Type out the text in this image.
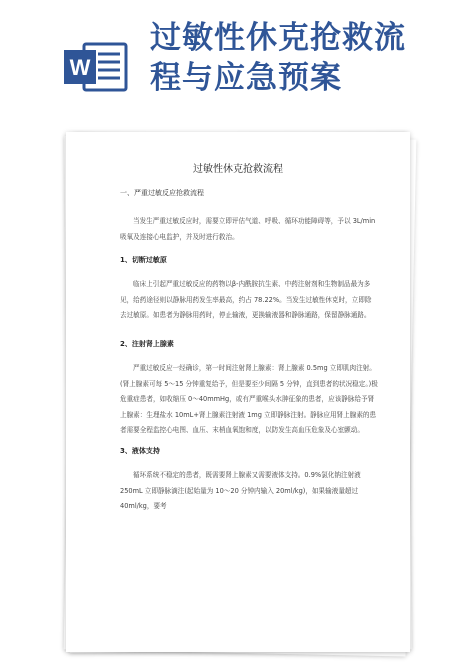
W
过敏性休克抢救流
程与应急预案
过敏性休克抢救流程
一、严重过敏反应抢救流程
当发生严重过敏反应时，需要立即评估气道、呼吸、循环功能障碍等，予以 3L/min 吸氧及连接心电监护，并及时进行救治。
1、切断过敏原
临床上引起严重过敏反应的药物以β-内酰胺抗生素、中药注射剂和生物制品最为多见，给药途径则以静脉用药发生率最高，约占 78.22%。当发生过敏性休克时，立即除去过敏原。如患者为静脉用药时，停止输液，更换输液器和静脉通路，保留静脉通路。
2、注射肾上腺素
严重过敏反应一经确诊，第一时间注射肾上腺素：肾上腺素 0.5mg 立即肌肉注射。(肾上腺素可每 5～15 分钟重复给予，但是要至少间隔 5 分钟，直到患者的状况稳定。)极危重症患者，如收缩压 0～40mmHg，或有严重喉头水肿征象的患者，应该静脉给予肾上腺素：生理盐水 10mL+肾上腺素注射液 1mg 立即静脉注射。静脉应用肾上腺素的患者需要全程监控心电图、血压、末梢血氧饱和度，以防发生高血压危象及心室颤动。
3、液体支持
循环系统不稳定的患者，既需要肾上腺素又需要液体支持。0.9%氯化钠注射液 250mL 立即静脉滴注(起始量为 10～20 分钟内输入 20ml/kg)，如果输液量超过 40ml/kg，要考
